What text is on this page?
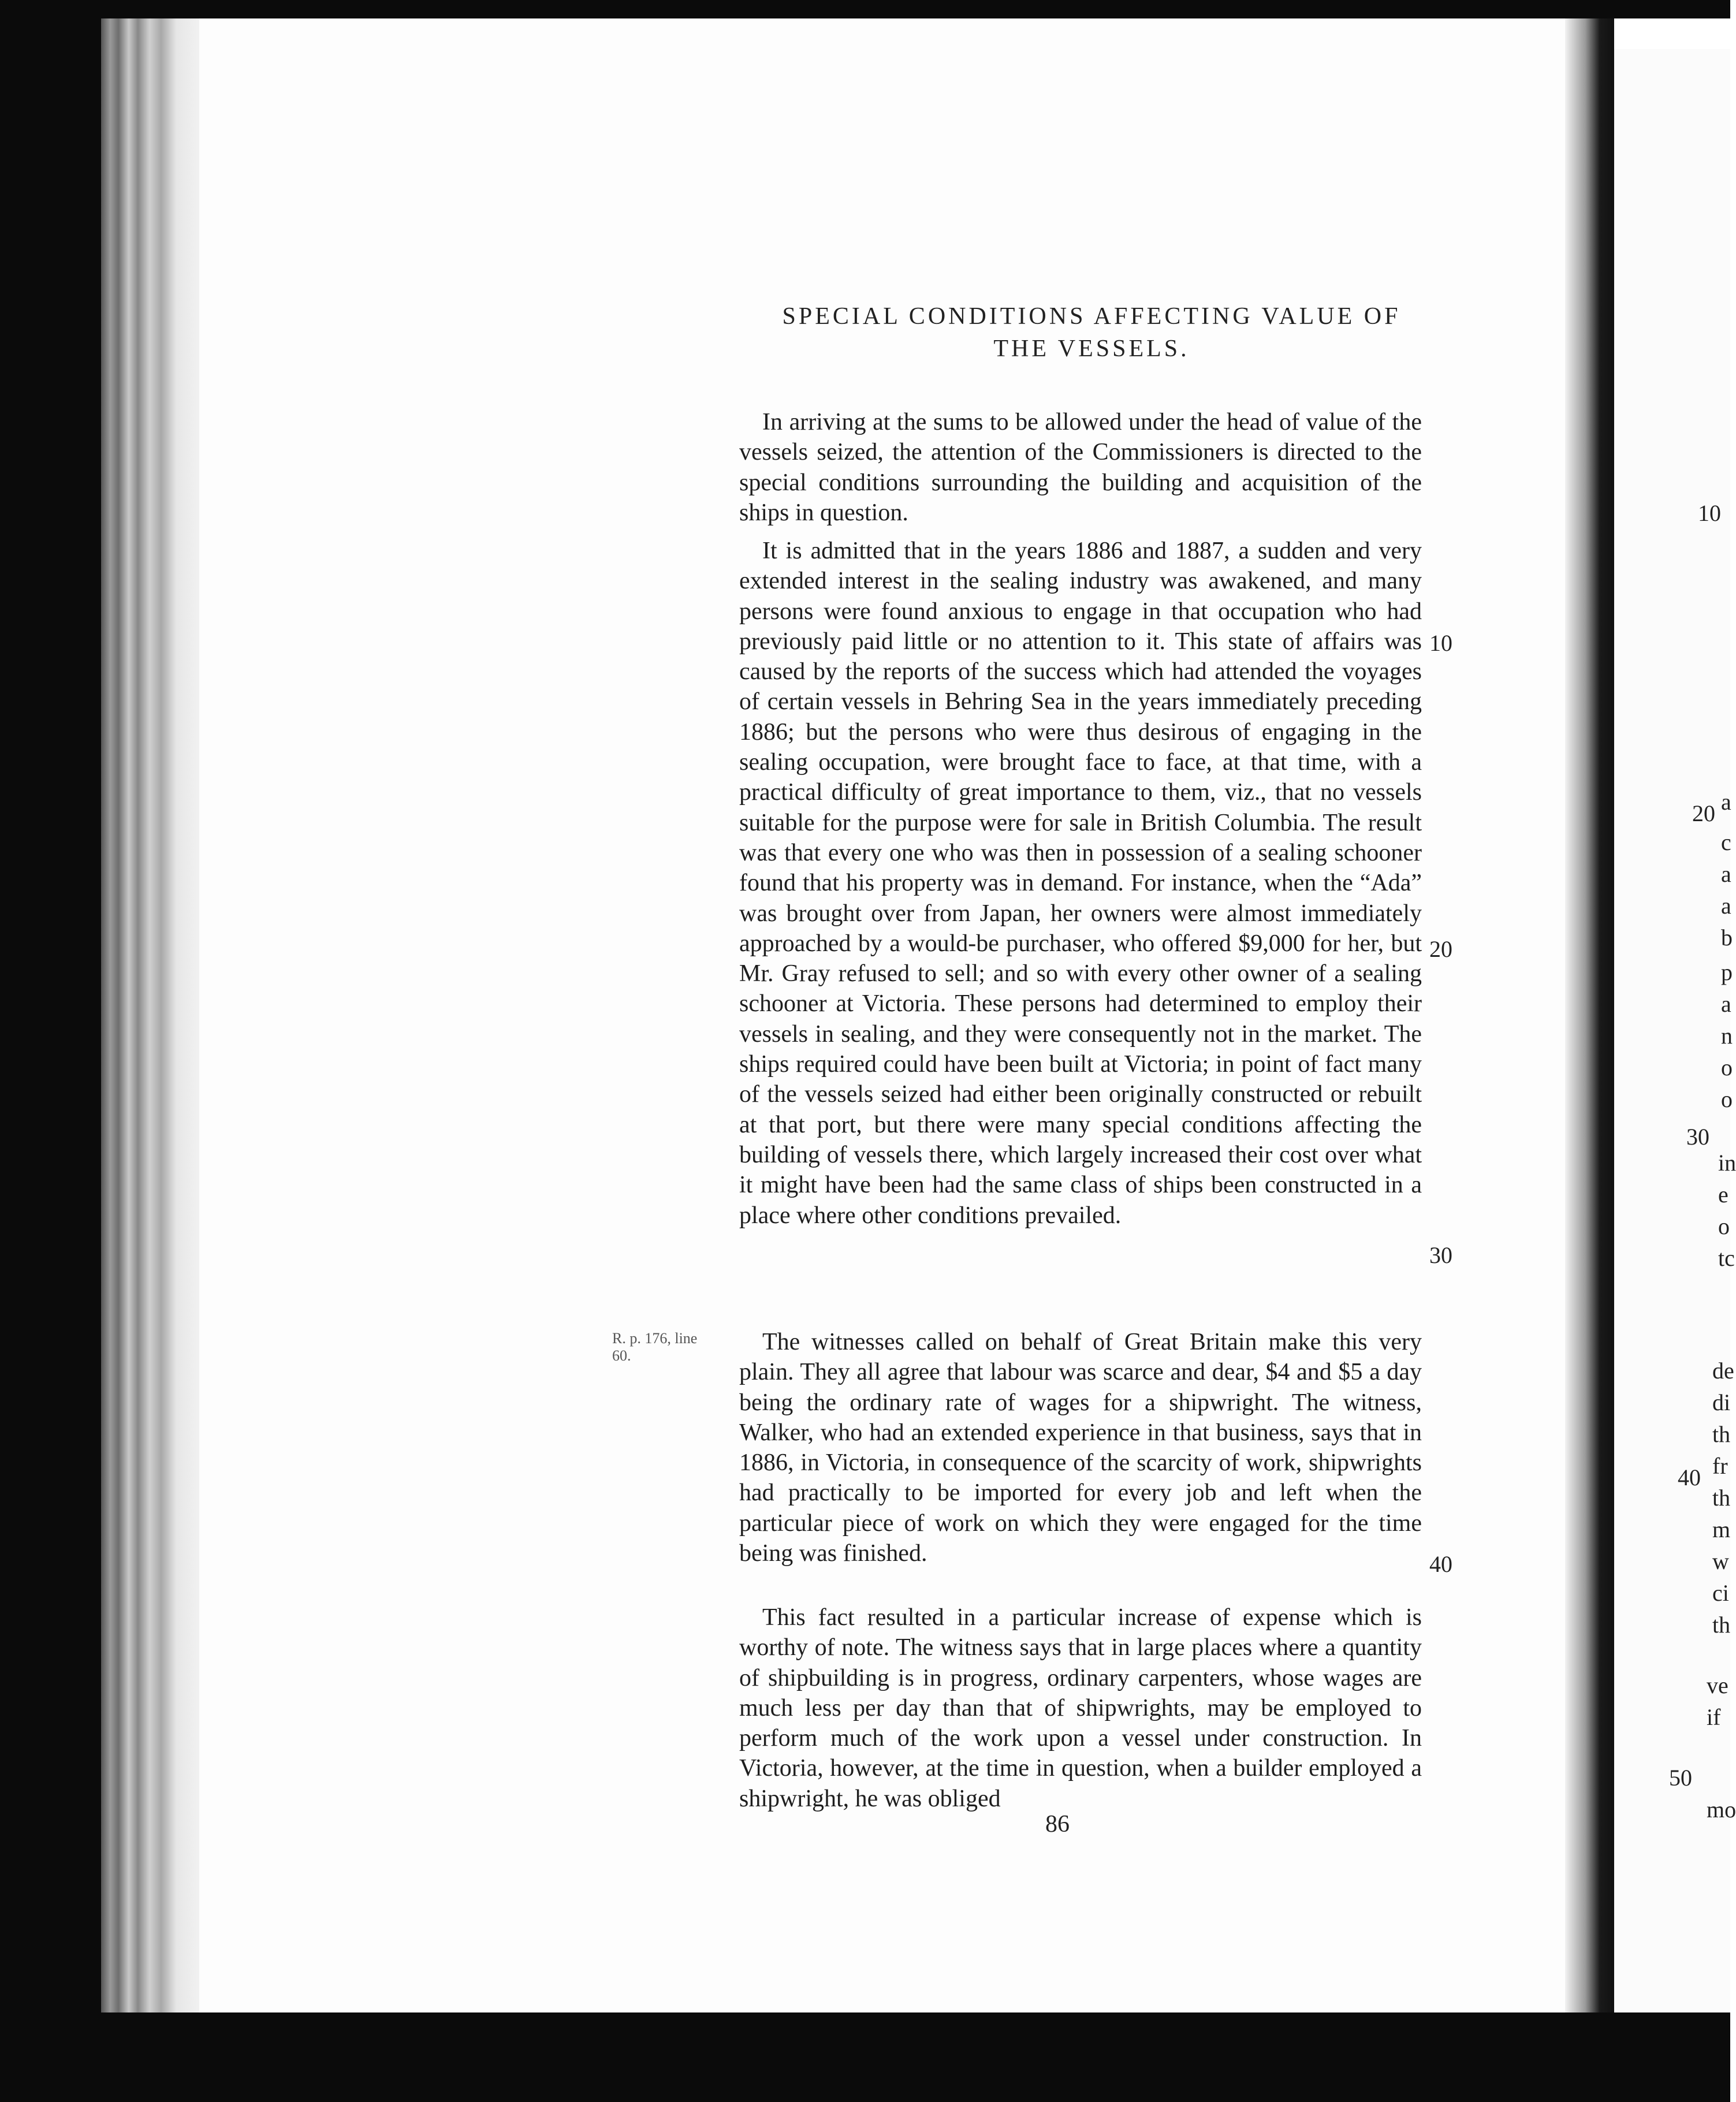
10
20
30
40
50
a
c
a
a
b
p
a
n
o
o
in
e
o
tc
de
di
th
fr
th
m
w
ci
th
ve
if
mo
SPECIAL CONDITIONS AFFECTING VALUE OF
THE VESSELS.

In arriving at the sums to be allowed under the head of value of the vessels seized, the attention of the Commissioners is directed to the special conditions surrounding the building and acquisition of the ships in question.

It is admitted that in the years 1886 and 1887, a sudden and very extended interest in the sealing industry was awakened, and many persons were found anxious to engage in that occupation who had previously paid little or no attention to it. This state of affairs was caused by the reports of the success which had attended the voyages of certain vessels in Behring Sea in the years immediately preceding 1886; but the persons who were thus desirous of engaging in the sealing occupation, were brought face to face, at that time, with a practical difficulty of great importance to them, viz., that no vessels suitable for the purpose were for sale in British Columbia. The result was that every one who was then in possession of a sealing schooner found that his property was in demand. For instance, when the “Ada” was brought over from Japan, her owners were almost immediately approached by a would-be purchaser, who offered $9,000 for her, but Mr. Gray refused to sell; and so with every other owner of a sealing schooner at Victoria. These persons had determined to employ their vessels in sealing, and they were consequently not in the market. The ships required could have been built at Victoria; in point of fact many of the vessels seized had either been originally constructed or rebuilt at that port, but there were many special conditions affecting the building of vessels there, which largely increased their cost over what it might have been had the same class of ships been constructed in a place where other conditions prevailed.

The witnesses called on behalf of Great Britain make this very plain. They all agree that labour was scarce and dear, $4 and $5 a day being the ordinary rate of wages for a shipwright. The witness, Walker, who had an extended experience in that business, says that in 1886, in Victoria, in consequence of the scarcity of work, shipwrights had practically to be imported for every job and left when the particular piece of work on which they were engaged for the time being was finished.

This fact resulted in a particular increase of expense which is worthy of note. The witness says that in large places where a quantity of shipbuilding is in progress, ordinary carpenters, whose wages are much less per day than that of shipwrights, may be employed to perform much of the work upon a vessel under construction. In Victoria, however, at the time in question, when a builder employed a shipwright, he was obliged

10
20
30
40
R. p. 176, line 60.
86
